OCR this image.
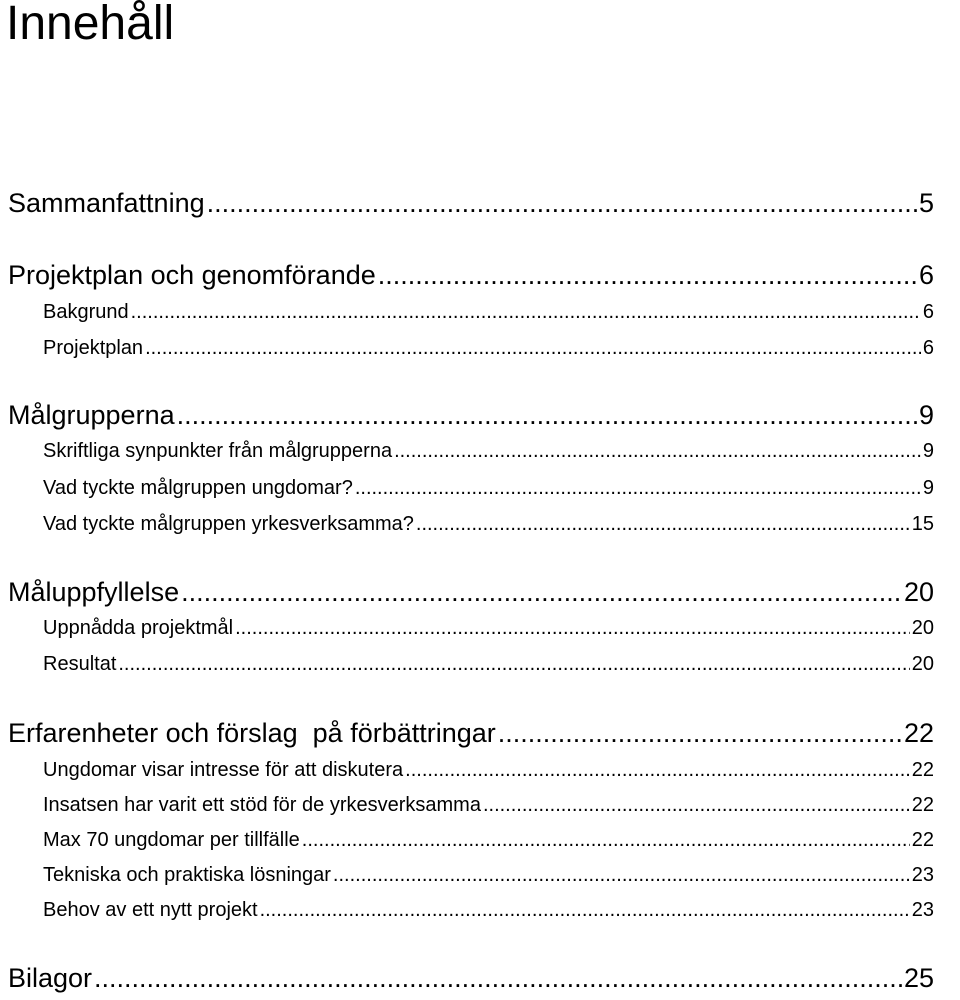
Innehåll
Sammanfattning .....	5
Projektplan och genomförande .....	6
Bakgrund .....	6
Projektplan .....	6
Målgrupperna .....	9
Skriftliga synpunkter från målgrupperna .....	9
Vad tyckte målgruppen ungdomar? .....	9
Vad tyckte målgruppen yrkesverksamma? .....	15
Måluppfyllelse .....	20
Uppnådda projektmål .....	20
Resultat .....	20
Erfarenheter och förslag  på förbättringar .....	22
Ungdomar visar intresse för att diskutera .....	22
Insatsen har varit ett stöd för de yrkesverksamma .....	22
Max 70 ungdomar per tillfälle .....	22
Tekniska och praktiska lösningar .....	23
Behov av ett nytt projekt .....	23
Bilagor .....	25
